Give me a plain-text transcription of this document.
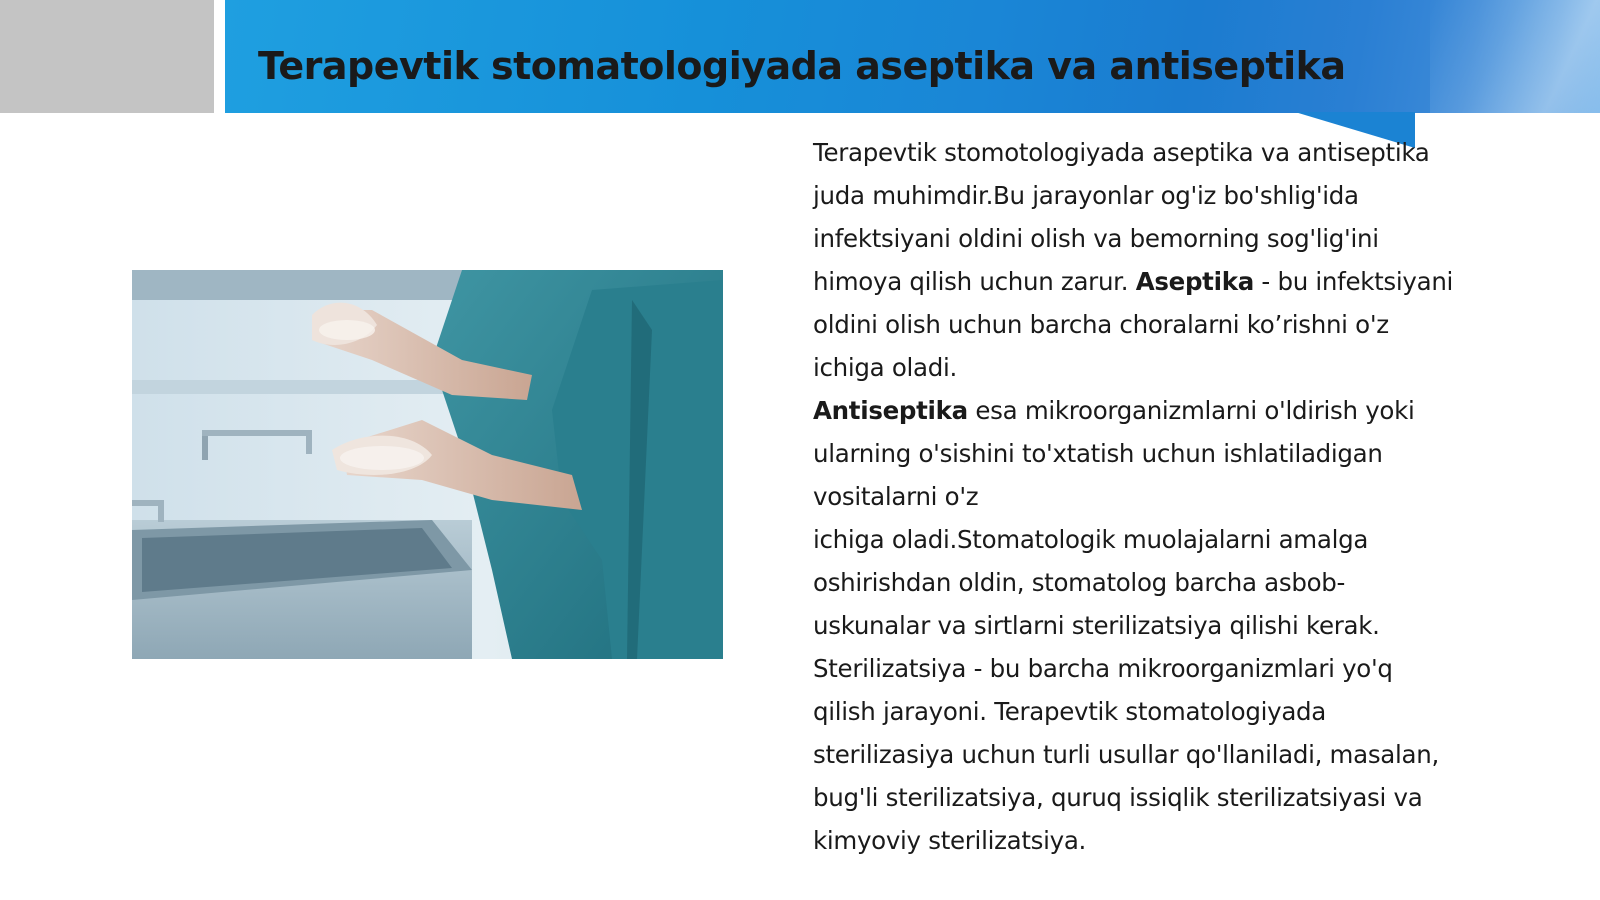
Terapevtik stomatologiyada aseptika va antiseptika
Terapevtik stomotologiyada aseptika va antiseptika
juda muhimdir.Bu jarayonlar og'iz bo'shlig'ida
infektsiyani oldini olish va bemorning sog'lig'ini
himoya qilish uchun zarur. Aseptika - bu infektsiyani
oldini olish uchun barcha choralarni ko’rishni o'z
ichiga oladi.
Antiseptika esa mikroorganizmlarni o'ldirish yoki
ularning o'sishini to'xtatish uchun ishlatiladigan
vositalarni o'z
ichiga oladi.Stomatologik muolajalarni amalga
oshirishdan oldin, stomatolog barcha asbob-
uskunalar va sirtlarni sterilizatsiya qilishi kerak.
Sterilizatsiya - bu barcha mikroorganizmlari yo'q
qilish jarayoni. Terapevtik stomatologiyada
sterilizasiya uchun turli usullar qo'llaniladi, masalan,
bug'li sterilizatsiya, quruq issiqlik sterilizatsiyasi va
kimyoviy sterilizatsiya.
